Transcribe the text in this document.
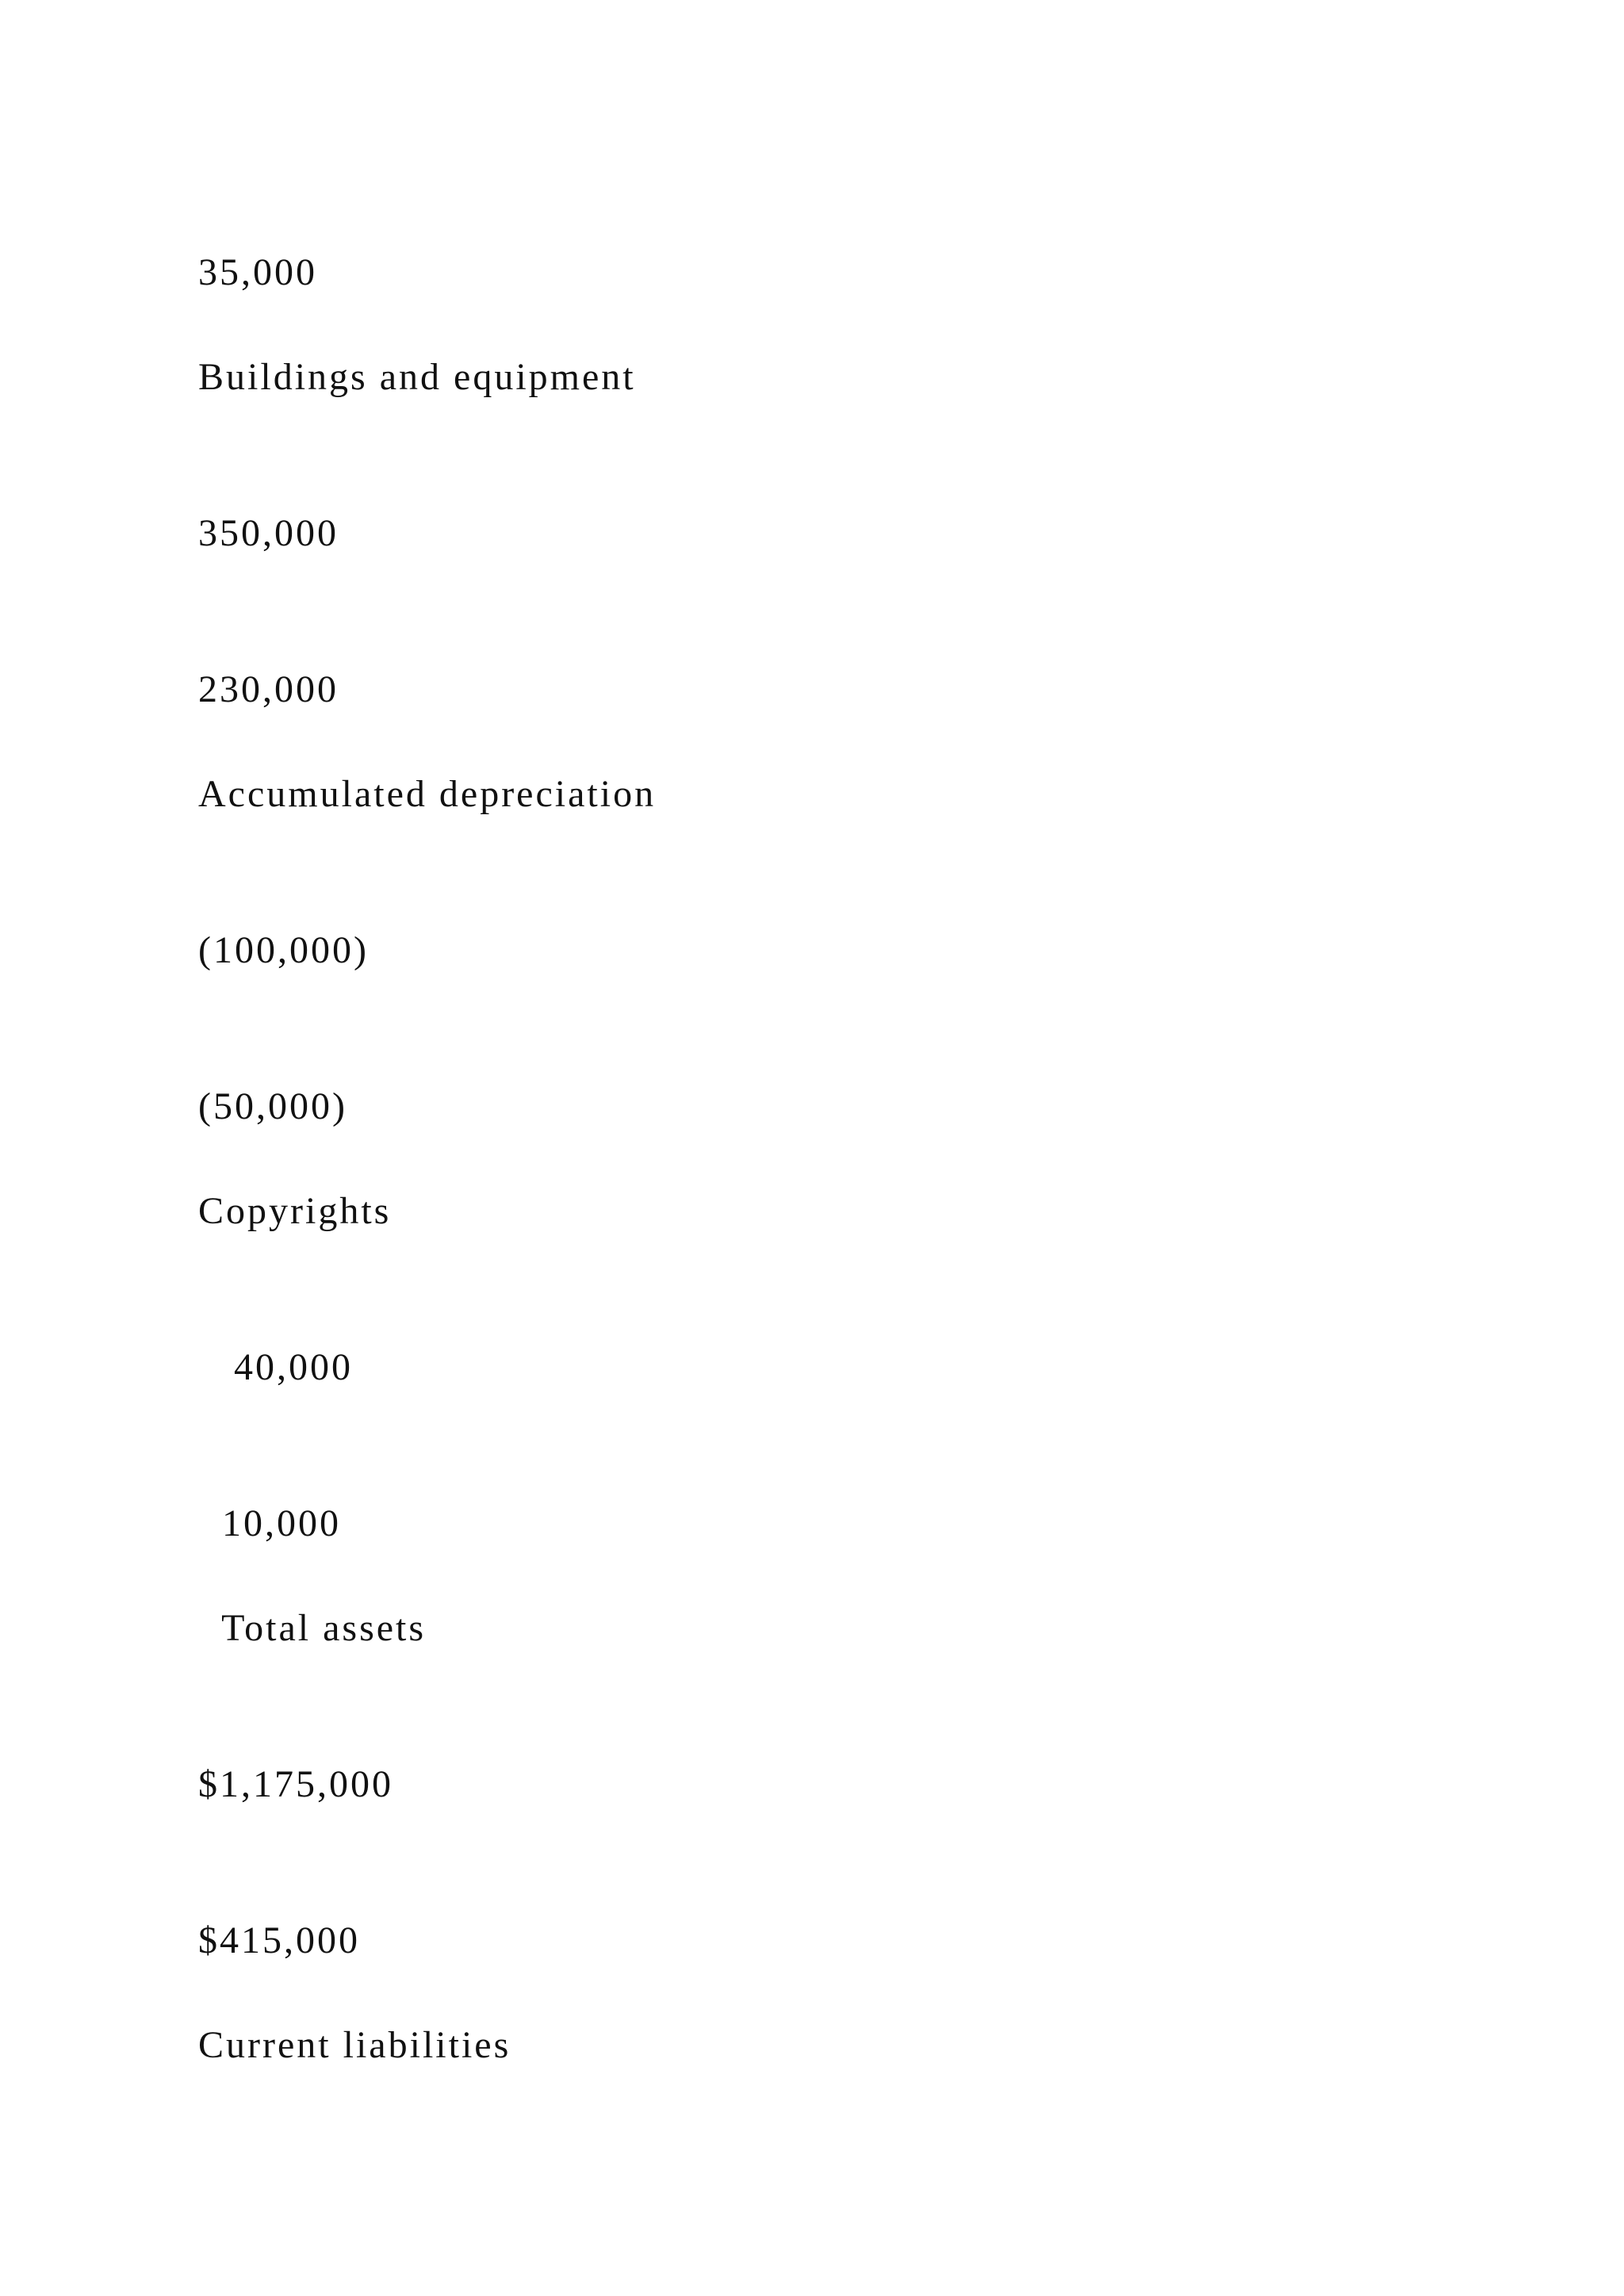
35,000

Buildings and equipment

350,000

230,000

Accumulated depreciation

(100,000)

(50,000)

Copyrights

40,000

10,000

Total assets

$1,175,000

$415,000

Current liabilities
